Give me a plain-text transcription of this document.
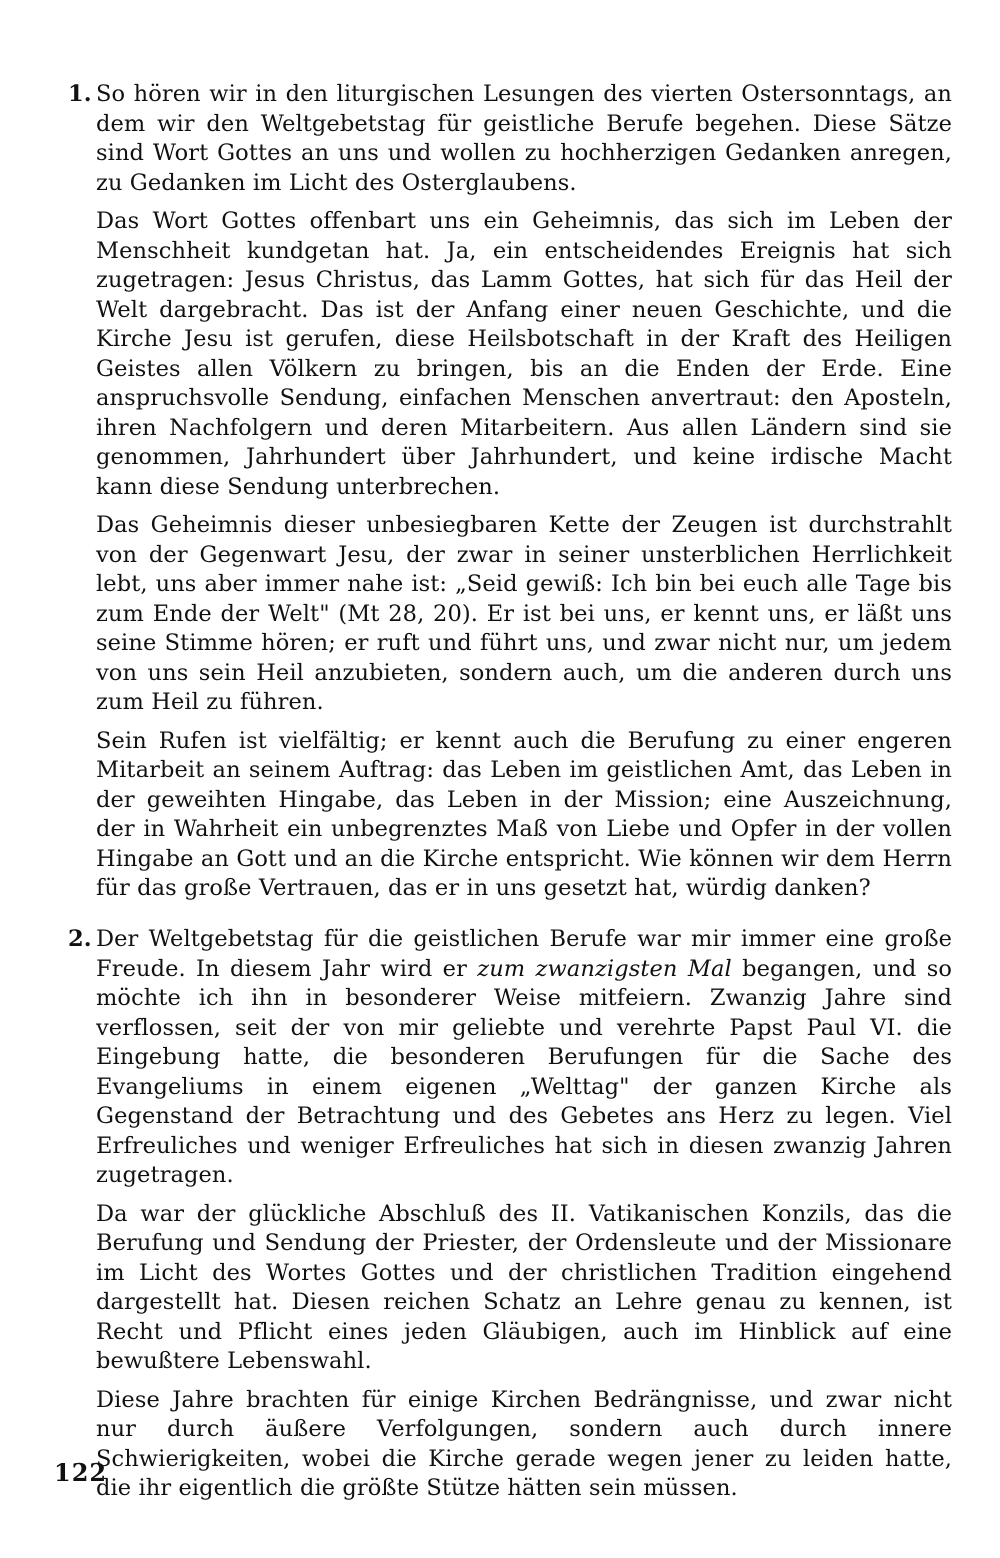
1. So hören wir in den liturgischen Lesungen des vierten Ostersonntags, an dem wir den Weltgebetstag für geistliche Berufe begehen. Diese Sätze sind Wort Gottes an uns und wollen zu hochherzigen Gedanken anregen, zu Gedanken im Licht des Osterglaubens.

Das Wort Gottes offenbart uns ein Geheimnis, das sich im Leben der Menschheit kundgetan hat. Ja, ein entscheidendes Ereignis hat sich zugetragen: Jesus Christus, das Lamm Gottes, hat sich für das Heil der Welt dargebracht. Das ist der Anfang einer neuen Geschichte, und die Kirche Jesu ist gerufen, diese Heilsbotschaft in der Kraft des Heiligen Geistes allen Völkern zu bringen, bis an die Enden der Erde. Eine anspruchsvolle Sendung, einfachen Menschen anvertraut: den Aposteln, ihren Nachfolgern und deren Mitarbeitern. Aus allen Ländern sind sie genommen, Jahrhundert über Jahrhundert, und keine irdische Macht kann diese Sendung unterbrechen.

Das Geheimnis dieser unbesiegbaren Kette der Zeugen ist durchstrahlt von der Gegenwart Jesu, der zwar in seiner unsterblichen Herrlichkeit lebt, uns aber immer nahe ist: „Seid gewiß: Ich bin bei euch alle Tage bis zum Ende der Welt" (Mt 28, 20). Er ist bei uns, er kennt uns, er läßt uns seine Stimme hören; er ruft und führt uns, und zwar nicht nur, um jedem von uns sein Heil anzubieten, sondern auch, um die anderen durch uns zum Heil zu führen.

Sein Rufen ist vielfältig; er kennt auch die Berufung zu einer engeren Mitarbeit an seinem Auftrag: das Leben im geistlichen Amt, das Leben in der geweihten Hingabe, das Leben in der Mission; eine Auszeichnung, der in Wahrheit ein unbegrenztes Maß von Liebe und Opfer in der vollen Hingabe an Gott und an die Kirche entspricht. Wie können wir dem Herrn für das große Vertrauen, das er in uns gesetzt hat, würdig danken?

2. Der Weltgebetstag für die geistlichen Berufe war mir immer eine große Freude. In diesem Jahr wird er zum zwanzigsten Mal begangen, und so möchte ich ihn in besonderer Weise mitfeiern. Zwanzig Jahre sind verflossen, seit der von mir geliebte und verehrte Papst Paul VI. die Eingebung hatte, die besonderen Berufungen für die Sache des Evangeliums in einem eigenen „Welttag" der ganzen Kirche als Gegenstand der Betrachtung und des Gebetes ans Herz zu legen. Viel Erfreuliches und weniger Erfreuliches hat sich in diesen zwanzig Jahren zugetragen.

Da war der glückliche Abschluß des II. Vatikanischen Konzils, das die Berufung und Sendung der Priester, der Ordensleute und der Missionare im Licht des Wortes Gottes und der christlichen Tradition eingehend dargestellt hat. Diesen reichen Schatz an Lehre genau zu kennen, ist Recht und Pflicht eines jeden Gläubigen, auch im Hinblick auf eine bewußtere Lebenswahl.

Diese Jahre brachten für einige Kirchen Bedrängnisse, und zwar nicht nur durch äußere Verfolgungen, sondern auch durch innere Schwierigkeiten, wobei die Kirche gerade wegen jener zu leiden hatte, die ihr eigentlich die größte Stütze hätten sein müssen.

122
